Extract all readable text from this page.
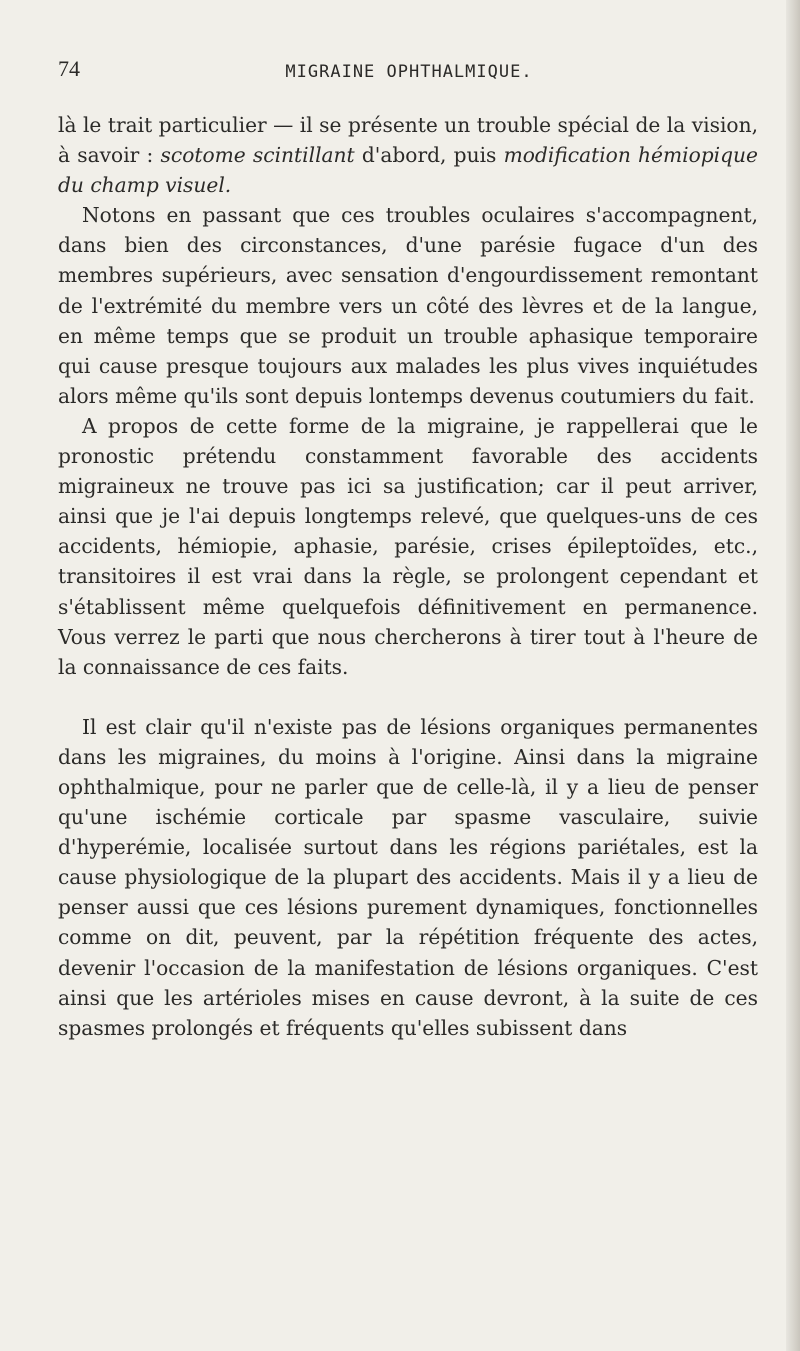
74	MIGRAINE OPHTHALMIQUE.

là le trait particulier — il se présente un trouble spécial de la vision, à savoir : scotome scintillant d'abord, puis modification hémiopique du champ visuel.

Notons en passant que ces troubles oculaires s'accompagnent, dans bien des circonstances, d'une parésie fugace d'un des membres supérieurs, avec sensation d'engourdissement remontant de l'extrémité du membre vers un côté des lèvres et de la langue, en même temps que se produit un trouble aphasique temporaire qui cause presque toujours aux malades les plus vives inquiétudes alors même qu'ils sont depuis lontemps devenus coutumiers du fait.

A propos de cette forme de la migraine, je rappellerai que le pronostic prétendu constamment favorable des accidents migraineux ne trouve pas ici sa justification; car il peut arriver, ainsi que je l'ai depuis longtemps relevé, que quelques-uns de ces accidents, hémiopie, aphasie, parésie, crises épileptoïdes, etc., transitoires il est vrai dans la règle, se prolongent cependant et s'établissent même quelquefois définitivement en permanence. Vous verrez le parti que nous chercherons à tirer tout à l'heure de la connaissance de ces faits.

Il est clair qu'il n'existe pas de lésions organiques permanentes dans les migraines, du moins à l'origine. Ainsi dans la migraine ophthalmique, pour ne parler que de celle-là, il y a lieu de penser qu'une ischémie corticale par spasme vasculaire, suivie d'hyperémie, localisée surtout dans les régions pariétales, est la cause physiologique de la plupart des accidents. Mais il y a lieu de penser aussi que ces lésions purement dynamiques, fonctionnelles comme on dit, peuvent, par la répétition fréquente des actes, devenir l'occasion de la manifestation de lésions organiques. C'est ainsi que les artérioles mises en cause devront, à la suite de ces spasmes prolongés et fréquents qu'elles subissent dans
